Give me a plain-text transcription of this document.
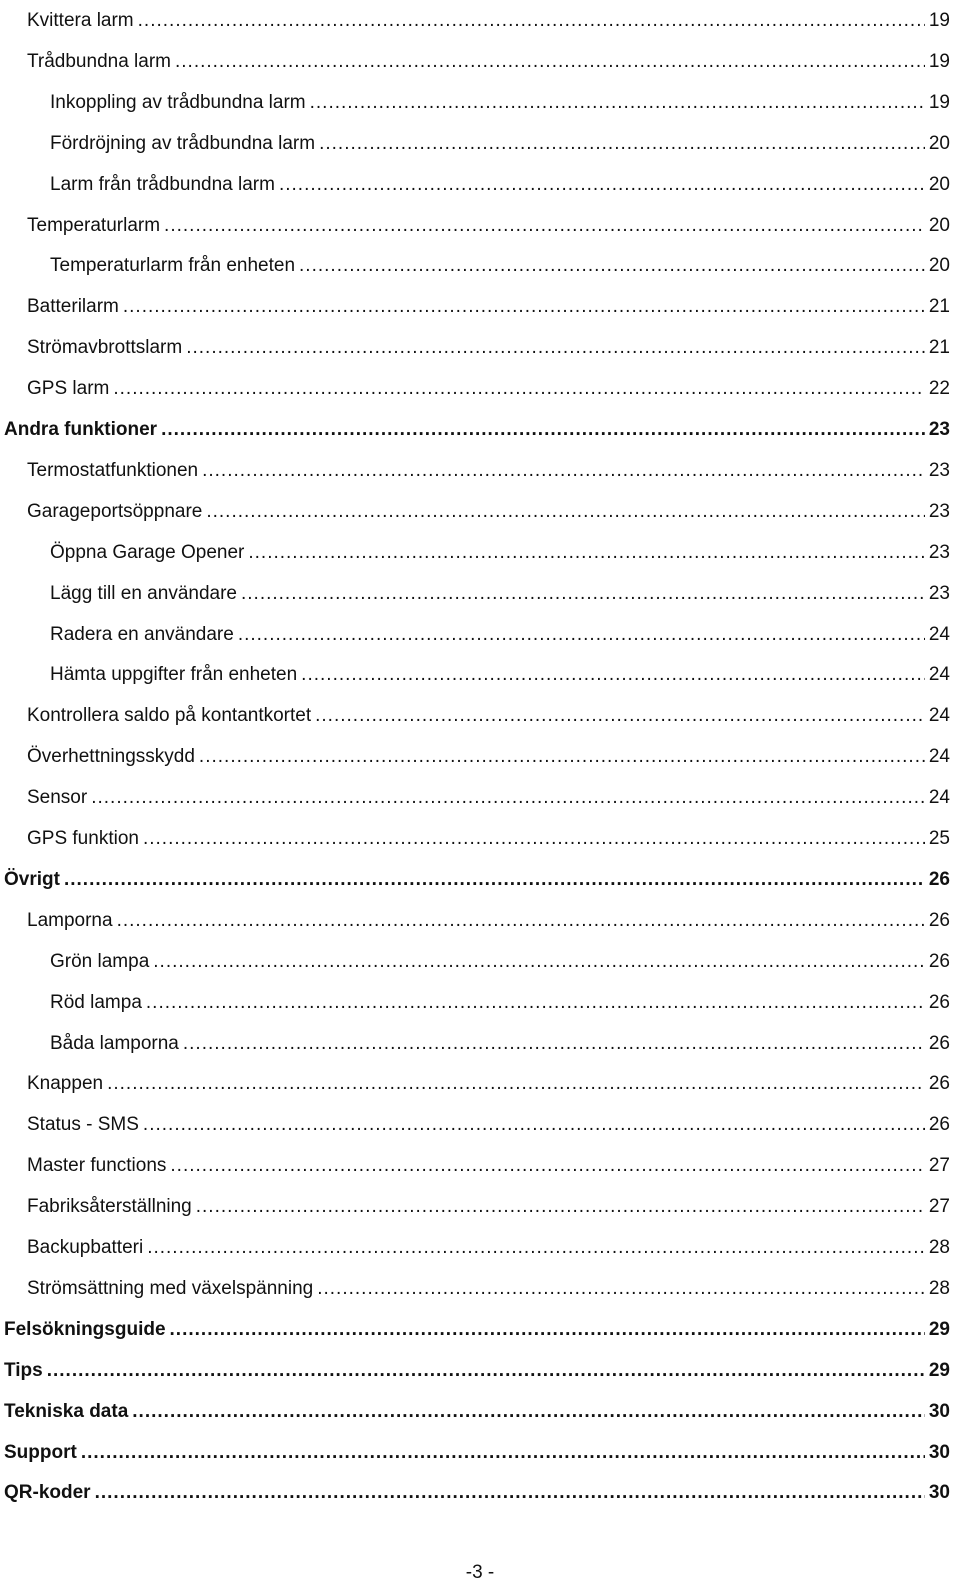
Kvittera larm .....	19
Trådbundna larm .....	19
Inkoppling av trådbundna larm .....	19
Fördröjning av trådbundna larm .....	20
Larm från trådbundna larm .....	20
Temperaturlarm .....	20
Temperaturlarm från enheten .....	20
Batterilarm .....	21
Strömavbrottslarm .....	21
GPS larm .....	22
Andra funktioner .....	23
Termostatfunktionen .....	23
Garageportsöppnare .....	23
Öppna Garage Opener .....	23
Lägg till en användare .....	23
Radera en användare .....	24
Hämta uppgifter från enheten .....	24
Kontrollera saldo på kontantkortet .....	24
Överhettningsskydd .....	24
Sensor .....	24
GPS funktion .....	25
Övrigt .....	26
Lamporna .....	26
Grön lampa .....	26
Röd lampa .....	26
Båda lamporna .....	26
Knappen .....	26
Status - SMS .....	26
Master functions .....	27
Fabriksåterställning .....	27
Backupbatteri .....	28
Strömsättning med växelspänning .....	28
Felsökningsguide .....	29
Tips .....	29
Tekniska data .....	30
Support .....	30
QR-koder .....	30
-3 -
